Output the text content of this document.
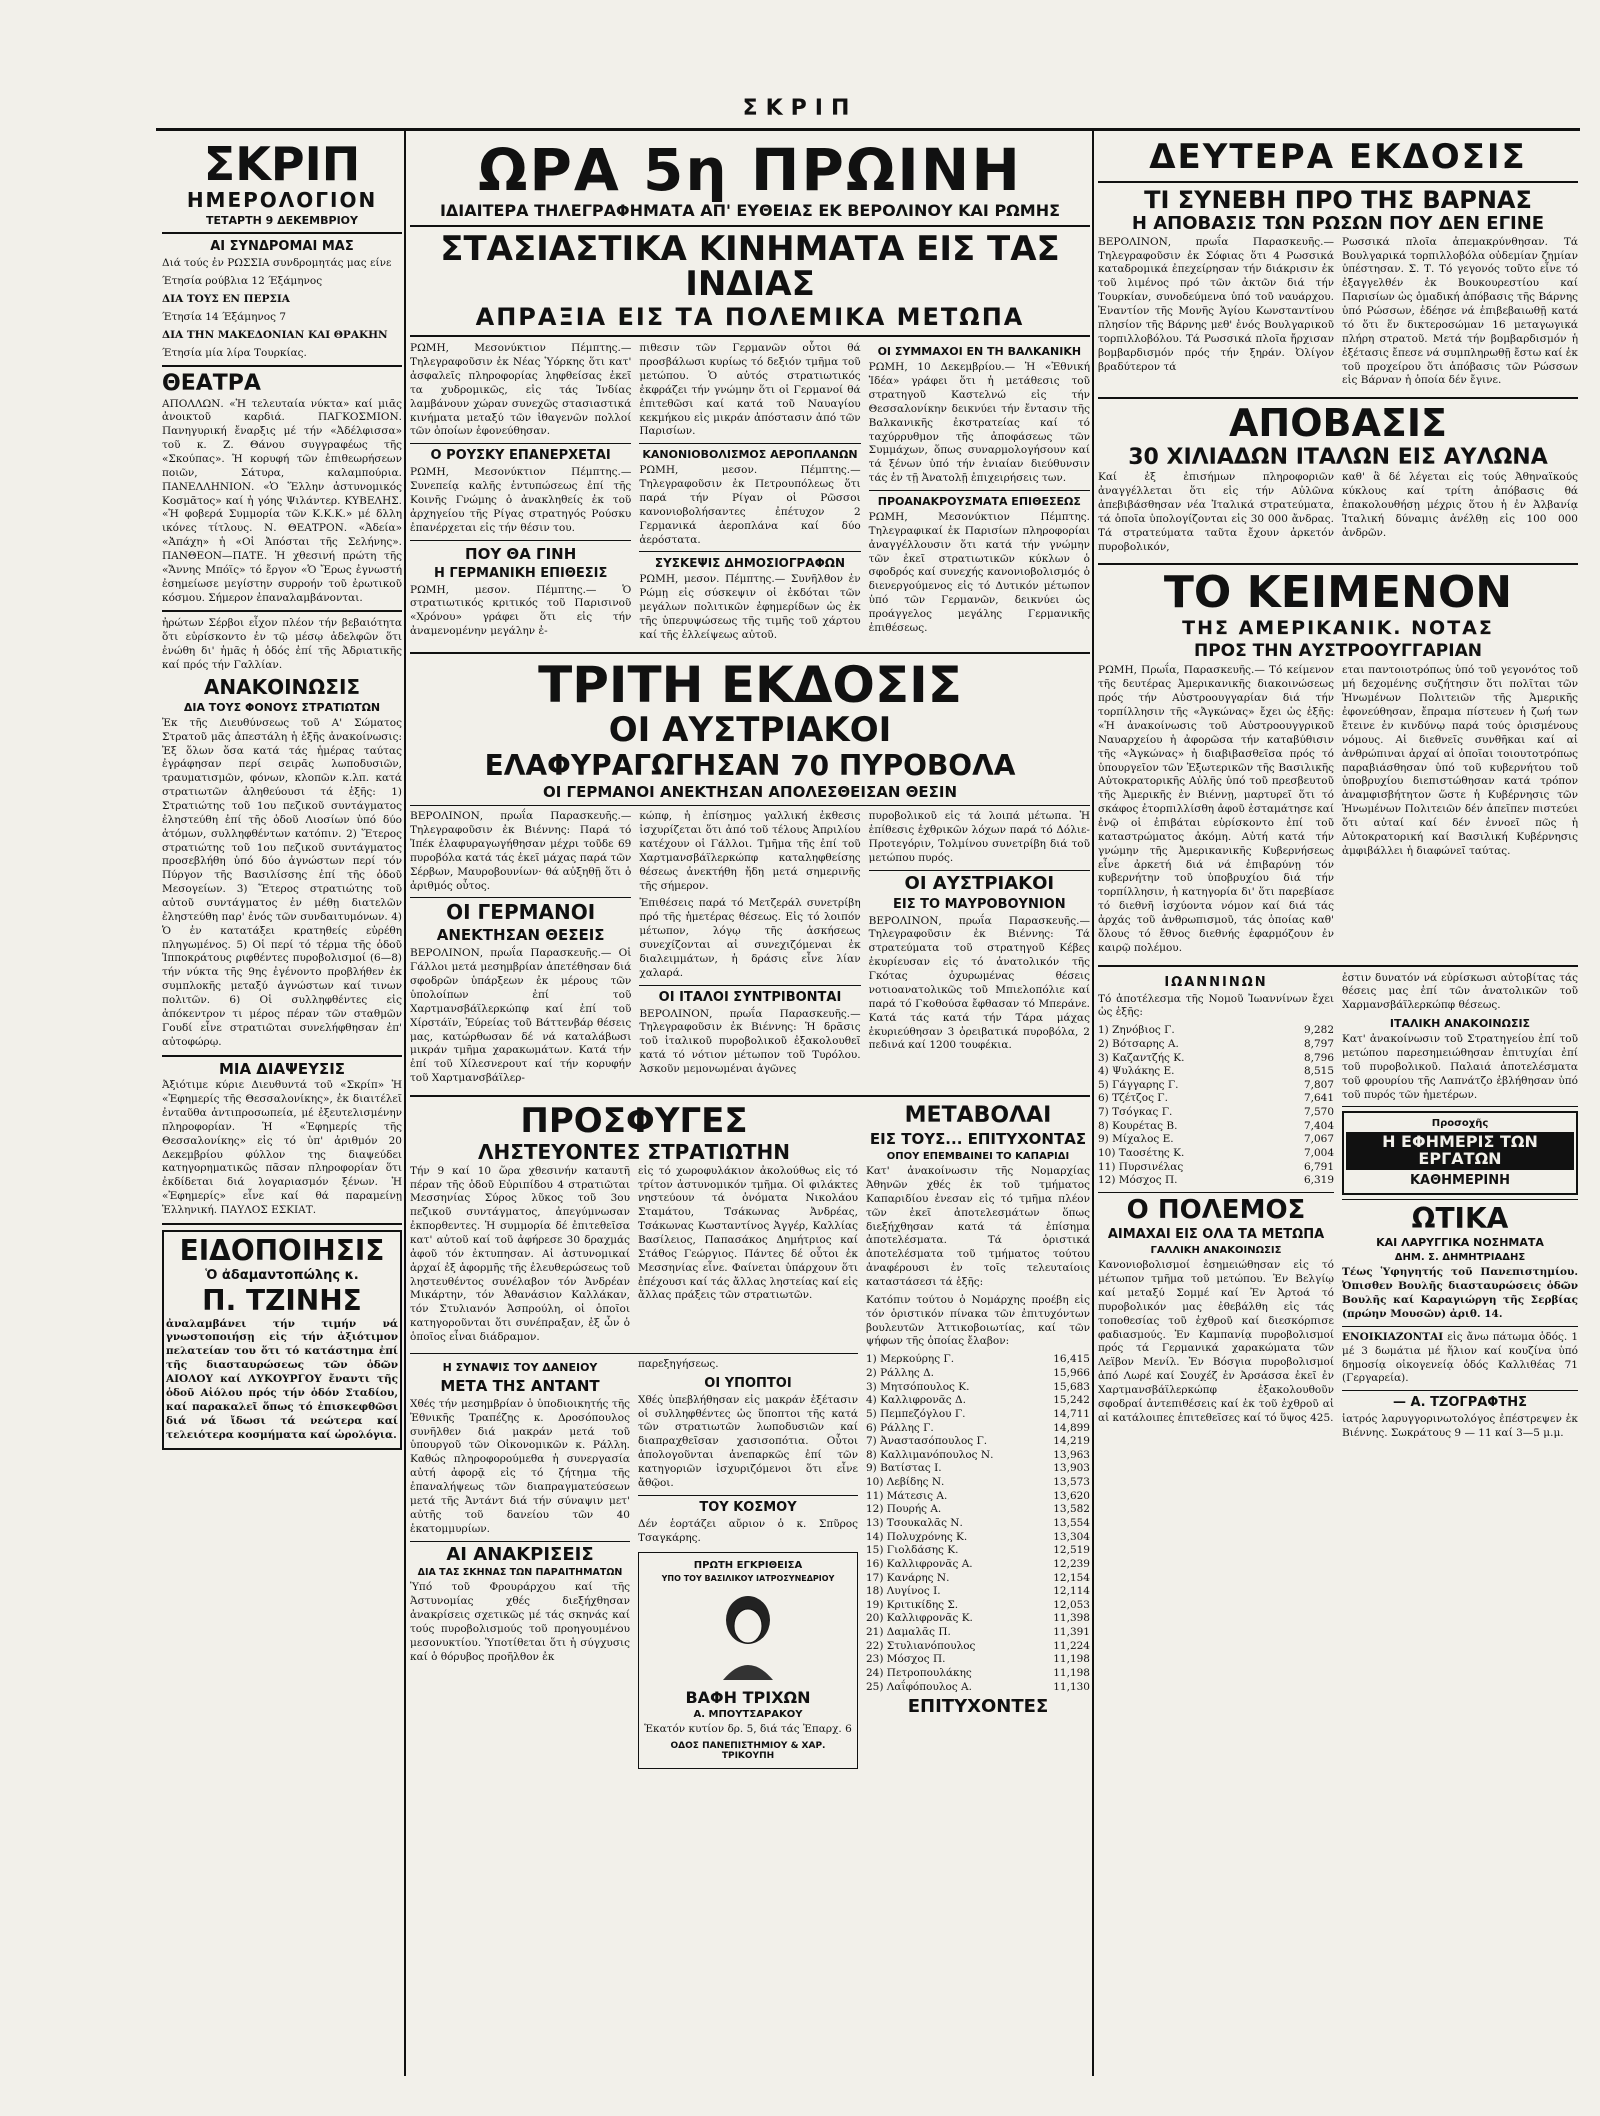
ΣΚΡΙΠ
ΣΚΡΙΠ
ΗΜΕΡΟΛΟΓΙΟΝ
ΤΕΤΑΡΤΗ 9 ΔΕΚΕΜΒΡΙΟΥ
ΑΙ ΣΥΝΔΡΟΜΑΙ ΜΑΣ
Διά τούς ἐν ΡΩΣΣΙΑ συνδρομητάς μας είνε
Έτησία ρούβλια 12 Έξάμηνος
ΔΙΑ ΤΟΥΣ ΕΝ ΠΕΡΣΙΑ
Έτησία 14 Έξάμηνος 7
ΔΙΑ ΤΗΝ ΜΑΚΕΔΟΝΙΑΝ ΚΑΙ ΘΡΑΚΗΝ
Έτησία μία λίρα Τουρκίας.
ΘΕΑΤΡΑ
ΑΠΟΛΛΩΝ. «Ἡ τελευταία νύκτα» καί μιᾶς ἀνοικτοῦ καρδιά. ΠΑΓΚΟΣΜΙΟΝ. Πανηγυρική ἔναρξις μέ τήν «Ἀδέλφισσα» τοῦ κ. Ζ. Θάνου συγγραφέως τῆς «Σκούπας». Ἡ κορυφή τῶν ἐπιθεωρήσεων ποιῶν, Σάτυρα, καλαμπούρια. ΠΑΝΕΛΛΗΝΙΟΝ. «Ὁ Ἕλλην ἀστυνομικός Κοσμᾶτος» καί ἡ γόης Ψιλάντερ. ΚΥΒΕΛΗΣ. «Ἡ φοβερά Συμμορία τῶν Κ.Κ.Κ.» μέ δλλη ικόνες τίτλους. Ν. ΘΕΑΤΡΟΝ. «Ἀδεία» «Ἀπάχη» ἡ «Οἱ Ἀπόσται τῆς Σελήνης». ΠΑΝΘΕΟΝ—ΠΑΤΕ. Ἡ χθεσινή πρώτη τῆς «Ἄννης Μπόϊς» τό ἔργον «Ὁ Ἔρως ἐγνωστή ἐσημείωσε μεγίστην συρροήν τοῦ ἐρωτικοῦ κόσμου. Σήμερον ἐπαναλαμβάνονται.
ἠρώτων Σέρβοι εἶχον πλέον τήν βεβαιότητα ὅτι εὑρίσκοντο ἐν τῷ μέσῳ ἀδελφῶν ὅτι ἐνώθη δι' ἡμᾶς ἡ ὁδός ἐπί τῆς Ἀδριατικῆς καί πρός τήν Γαλλίαν.
ΑΝΑΚΟΙΝΩΣΙΣ
ΔΙΑ ΤΟΥΣ ΦΟΝΟΥΣ ΣΤΡΑΤΙΩΤΩΝ
Ἐκ τῆς Διευθύνσεως τοῦ Α' Σώματος Στρατοῦ μᾶς ἀπεστάλη ἡ ἑξῆς ἀνακοίνωσις: Ἐξ ὅλων ὅσα κατά τάς ἡμέρας ταύτας ἐγράφησαν περί σειρᾶς λωποδυσιῶν, τραυματισμῶν, φόνων, κλοπῶν κ.λπ. κατά στρατιωτῶν ἀληθεύουσι τά ἑξῆς: 1) Στρατιώτης τοῦ 1ου πεζικοῦ συντάγματος ἐληστεύθη ἐπί τῆς ὁδοῦ Λιοσίων ὑπό δύο ἀτόμων, συλληφθέντων κατόπιν. 2) Ἕτερος στρατιώτης τοῦ 1ου πεζικοῦ συντάγματος προσεβλήθη ὑπό δύο ἀγνώστων περί τόν Πύργον τῆς Βασιλίσσης ἐπί τῆς ὁδοῦ Μεσογείων. 3) Ἕτερος στρατιώτης τοῦ αὐτοῦ συντάγματος ἐν μέθῃ διατελῶν ἐληστεύθη παρ' ἐνός τῶν συνδαιτυμόνων. 4) Ὁ ἐν κατατάξει κρατηθείς εὐρέθη πληγωμένος. 5) Οἱ περί τό τέρμα τῆς ὁδοῦ Ἱπποκράτους ριφθέντες πυροβολισμοί (6—8) τήν νύκτα τῆς 9ης ἐγένοντο προβλήθεν ἐκ συμπλοκῆς μεταξύ ἀγνώστων καί τινων πολιτῶν. 6) Οἱ συλληφθέντες εἰς ἀπόκεντρον τι μέρος πέραν τῶν σταθμῶν Γουδί εἶνε στρατιῶται συνελήφθησαν ἐπ' αὐτοφώρῳ.
ΜΙΑ ΔΙΑΨΕΥΣΙΣ
Ἀξιότιμε κύριε Διευθυντά τοῦ «Σκρίπ» Ἡ «Ἐφημερίς τῆς Θεσσαλονίκης», ἐκ διαιτέλεῖ ἐνταῦθα ἀντιπροσωπεία, μέ ἐξευτελισμένην πληροφορίαν. Ἡ «Ἐφημερίς τῆς Θεσσαλονίκης» εἰς τό ὑπ' ἀριθμόν 20 Δεκεμβρίου φύλλον της διαψεύδει κατηγορηματικῶς πᾶσαν πληροφορίαν ὅτι ἐκδίδεται διά λογαριασμόν ξένων. Ἡ «Ἐφημερίς» εἶνε καί θά παραμείνῃ Ἑλληνική. ΠΑΥΛΟΣ ΕΣΚΙΑΤ.
ΕΙΔΟΠΟΙΗΣΙΣ
Ὁ ἀδαμαντοπώλης κ.
Π. ΤΖΙΝΗΣ
ἀναλαμβάνει τήν τιμήν νά γνωστοποιήσῃ εἰς τήν ἀξιότιμον πελατείαν του ὅτι τό κατάστημα ἐπί τῆς διασταυρώσεως τῶν ὁδῶν ΑΙΟΛΟΥ καί ΛΥΚΟΥΡΓΟΥ ἔναντι τῆς ὁδοῦ Αἰόλου πρός τήν ὁδόν Σταδίου, καί παρακαλεῖ ὅπως τό ἐπισκεφθῶσι διά νά ἴδωσι τά νεώτερα καί τελειότερα κοσμήματα καί ὡρολόγια.
ΩΡΑ 5η ΠΡΩΙΝΗ
ΙΔΙΑΙΤΕΡΑ ΤΗΛΕΓΡΑΦΗΜΑΤΑ ΑΠ' ΕΥΘΕΙΑΣ ΕΚ ΒΕΡΟΛΙΝΟΥ ΚΑΙ ΡΩΜΗΣ
ΣΤΑΣΙΑΣΤΙΚΑ ΚΙΝΗΜΑΤΑ ΕΙΣ ΤΑΣ ΙΝΔΙΑΣ
ΑΠΡΑΞΙΑ ΕΙΣ ΤΑ ΠΟΛΕΜΙΚΑ ΜΕΤΩΠΑ
ΡΩΜΗ, Μεσονύκτιον Πέμπτης.— Τηλεγραφοῦσιν ἐκ Νέας Ὑόρκης ὅτι κατ' ἀσφαλεῖς πληροφορίας ληφθείσας ἐκεῖ τα χυδρομικῶς, εἰς τάς Ἰνδίας λαμβάνουν χώραν συνεχῶς στασιαστικά κινήματα μεταξύ τῶν ἰθαγενῶν πολλοί τῶν ὁποίων ἐφονεύθησαν.
Ο ΡΟΥΣΚΥ ΕΠΑΝΕΡΧΕΤΑΙ
ΡΩΜΗ, Μεσονύκτιον Πέμπτης.— Συνεπείᾳ καλῆς ἐντυπώσεως ἐπί τῆς Κοινῆς Γνώμης ὁ ἀνακληθείς ἐκ τοῦ ἀρχηγείου τῆς Ρίγας στρατηγός Ρούσκυ ἐπανέρχεται εἰς τήν θέσιν του.
ΠΟΥ ΘΑ ΓΙΝΗ
Η ΓΕΡΜΑΝΙΚΗ ΕΠΙΘΕΣΙΣ
ΡΩΜΗ, μεσον. Πέμπτης.— Ὁ στρατιωτικός κριτικός τοῦ Παρισινοῦ «Χρόνου» γράφει ὅτι εἰς τήν ἀναμενομένην μεγάλην ἐ-
πιθεσιν τῶν Γερμανῶν οὗτοι θά προσβάλωσι κυρίως τό δεξιόν τμῆμα τοῦ μετώπου. Ὁ αὐτός στρατιωτικός ἐκφράζει τήν γνώμην ὅτι οἱ Γερμανοί θά ἐπιτεθῶσι καί κατά τοῦ Ναυαγίου κεκμήκου εἰς μικράν ἀπόστασιν ἀπό τῶν Παρισίων.
ΚΑΝΟΝΙΟΒΟΛΙΣΜΟΣ ΑΕΡΟΠΛΑΝΩΝ
ΡΩΜΗ, μεσον. Πέμπτης.— Τηλεγραφοῦσιν ἐκ Πετρουπόλεως ὅτι παρά τήν Ρίγαν οἱ Ρῶσσοι κανονιοβολήσαντες ἐπέτυχον 2 Γερμανικά ἀεροπλάνα καί δύο ἀερόστατα.
ΣΥΣΚΕΨΙΣ ΔΗΜΟΣΙΟΓΡΑΦΩΝ
ΡΩΜΗ, μεσον. Πέμπτης.— Συνῆλθον ἐν Ρώμῃ εἰς σύσκεψιν οἱ ἐκδόται τῶν μεγάλων πολιτικῶν ἐφημερίδων ὡς ἐκ τῆς ὑπερυψώσεως τῆς τιμῆς τοῦ χάρτου καί τῆς ἐλλείψεως αὐτοῦ.
ΟΙ ΣΥΜΜΑΧΟΙ ΕΝ ΤΗ ΒΑΛΚΑΝΙΚΗ
ΡΩΜΗ, 10 Δεκεμβρίου.— Ἡ «Ἐθνική Ἰδέα» γράφει ὅτι ἡ μετάθεσις τοῦ στρατηγοῦ Καστελνώ εἰς τήν Θεσσαλονίκην δεικνύει τήν ἔντασιν τῆς Βαλκανικῆς ἐκστρατείας καί τό ταχύρρυθμον τῆς ἀποφάσεως τῶν Συμμάχων, ὅπως συναρμολογήσουν καί τά ξένων ὑπό τήν ἑνιαίαν διεύθυνσιν τάς ἐν τῇ Ἀνατολῇ ἐπιχειρήσεις των.
ΠΡΟΑΝΑΚΡΟΥΣΜΑΤΑ ΕΠΙΘΕΣΕΩΣ
ΡΩΜΗ, Μεσονύκτιον Πέμπτης. Τηλεγραφικαί ἐκ Παρισίων πληροφορίαι ἀναγγέλλουσιν ὅτι κατά τήν γνώμην τῶν ἐκεῖ στρατιωτικῶν κύκλων ὁ σφοδρός καί συνεχής κανονιοβολισμός ὁ διενεργούμενος εἰς τό Δυτικόν μέτωπον ὑπό τῶν Γερμανῶν, δεικνύει ὡς προάγγελος μεγάλης Γερμανικῆς ἐπιθέσεως.
ΤΡΙΤΗ ΕΚΔΟΣΙΣ
ΟΙ ΑΥΣΤΡΙΑΚΟΙ
ΕΛΑΦΥΡΑΓΩΓΗΣΑΝ 70 ΠΥΡΟΒΟΛΑ
ΟΙ ΓΕΡΜΑΝΟΙ ΑΝΕΚΤΗΣΑΝ ΑΠΟΛΕΣΘΕΙΣΑΝ ΘΕΣΙΝ
ΒΕΡΟΛΙΝΟΝ, πρωΐα Παρασκευῆς.— Τηλεγραφοῦσιν ἐκ Βιέννης: Παρά τό Ἰπέκ ἐλαφυραγωγήθησαν μέχρι τοῦδε 69 πυροβόλα κατά τάς ἐκεῖ μάχας παρά τῶν Σέρβων, Μαυροβουνίων· θά αὐξηθῇ ὅτι ὁ ἀριθμός οὗτος.
ΟΙ ΓΕΡΜΑΝΟΙ
ΑΝΕΚΤΗΣΑΝ ΘΕΣΕΙΣ
ΒΕΡΟΛΙΝΟΝ, πρωΐα Παρασκευῆς.— Οἱ Γάλλοι μετά μεσημβρίαν ἀπετέθησαν διά σφοδρῶν ὑπάρξεων ἐκ μέρους τῶν ὑπολοίπων ἐπί τοῦ Χαρτμανσβάϊλερκώπφ καί ἐπί τοῦ Χίρστάϊν, Ἐύρείας τοῦ Βάττενβάρ θέσεις μας, κατώρθωσαν δέ νά καταλάβωσι μικράν τμῆμα χαρακωμάτων. Κατά τήν ἐπί τοῦ Χίλεσνερουτ καί τήν κορυφήν τοῦ Χαρτμανσβάϊλερ-
κώπφ, ἡ ἐπίσημος γαλλική ἐκθεσις ἰσχυρίζεται ὅτι ἀπό τοῦ τέλους Ἀπριλίου κατέχουν οἱ Γάλλοι. Τμῆμα τῆς ἐπί τοῦ Χαρτμανσβάϊλερκώπφ καταληφθείσης θέσεως ἀνεκτήθη ἤδη μετά σημερινῆς τῆς σήμερον.
Ἐπιθέσεις παρά τό Μετζεράλ συνετρίβη πρό τῆς ἡμετέρας θέσεως. Εἰς τό λοιπόν μέτωπον, λόγῳ τῆς ἀσκήσεως συνεχίζονται αἱ συνεχιζόμεναι ἐκ διαλειμμάτων, ἡ δράσις εἶνε λίαν χαλαρά.
ΟΙ ΙΤΑΛΟΙ ΣΥΝΤΡΙΒΟΝΤΑΙ
ΒΕΡΟΛΙΝΟΝ, πρωΐα Παρασκευῆς.— Τηλεγραφοῦσιν ἐκ Βιέννης: Ἡ δρᾶσις τοῦ ἰταλικοῦ πυροβολικοῦ ἐξακολουθεῖ κατά τό νότιον μέτωπον τοῦ Τυρόλου. Ἀσκοῦν μεμονωμέναι ἀγῶνες
πυροβολικοῦ εἰς τά λοιπά μέτωπα. Ἡ ἐπίθεσις ἐχθρικῶν λόχων παρά τό Δόλιε-Προτεγόριν, Τολμίνου συνετρίβη διά τοῦ μετώπου πυρός.
ΟΙ ΑΥΣΤΡΙΑΚΟΙ
ΕΙΣ ΤΟ ΜΑΥΡΟΒΟΥΝΙΟΝ
ΒΕΡΟΛΙΝΟΝ, πρωΐα Παρασκευῆς.— Τηλεγραφοῦσιν ἐκ Βιέννης: Τά στρατεύματα τοῦ στρατηγοῦ Κέβες ἐκυρίευσαν εἰς τό ἀνατολικόν τῆς Γκότας ὀχυρωμένας θέσεις νοτιοανατολικῶς τοῦ Μπιελοπόλιε καί παρά τό Γκοθούσα ἔφθασαν τό Μπεράνε. Κατά τάς κατά τήν Τάρα μάχας ἐκυριεύθησαν 3 ὀρειβατικά πυροβόλα, 2 πεδινά καί 1200 τουφέκια.
ΠΡΟΣΦΥΓΕΣ
ΛΗΣΤΕΥΟΝΤΕΣ ΣΤΡΑΤΙΩΤΗΝ
Τήν 9 καί 10 ὥρα χθεσινήν καταυτῆ πέραν τῆς ὁδοῦ Εὐριπίδου 4 στρατιῶται Μεσσηνίας Σύρος λῦκος τοῦ 3ου πεζικοῦ συντάγματος, ἀπεγύμνωσαν ἐκπορθεντες. Ἡ συμμορία δέ ἐπιτεθεῖσα κατ' αὐτοῦ καί τοῦ ἀφήρεσε 30 δραχμάς ἀφοῦ τόν ἐκτυπησαν. Αἱ ἀστυνομικαί ἀρχαί ἐξ ἀφορμῆς τῆς ἐλευθερώσεως τοῦ ληστευθέντος συνέλαβον τόν Ἀνδρέαν Μικάρτην, τόν Ἀθανάσιον Καλλάκαν, τόν Στυλιανόν Ἀσπρούλη, οἱ ὁποῖοι κατηγοροῦνται ὅτι συνέπραξαν, ἐξ ὧν ὁ ὁποῖος εἶναι διάδραμον.
εἰς τό χωροφυλάκιον ἀκολούθως εἰς τό τρίτον ἀστυνομικόν τμῆμα. Οἱ φιλάκτες νηστεύουν τά ὀνόματα Νικολάου Σταμάτου, Τσάκωνας Ἀνδρέας, Τσάκωνας Κωσταντίνος Ἀγγέρ, Καλλίας Βασίλειος, Παπασάκος Δημήτριος καί Στάθος Γεώργιος. Πάντες δέ οὗτοι ἐκ Μεσσηνίας εἶνε. Φαίνεται ὑπάρχουν ὅτι ἐπέχουσι καί τάς ἄλλας ληστείας καί εἰς ἄλλας πράξεις τῶν στρατιωτῶν.
Η ΣΥΝΑΨΙΣ ΤΟΥ ΔΑΝΕΙΟΥ
ΜΕΤΑ ΤΗΣ ΑΝΤΑΝΤ
Χθές τήν μεσημβρίαν ὁ ὑποδιοικητής τῆς Ἐθνικῆς Τραπέζης κ. Δροσόπουλος συνῆλθεν διά μακράν μετά τοῦ ὑπουργοῦ τῶν Οἰκονομικῶν κ. Ράλλη. Καθώς πληροφορούμεθα ἡ συνεργασία αὐτή ἀφορᾷ εἰς τό ζήτημα τῆς ἐπαναλήψεως τῶν διαπραγματεύσεων μετά τῆς Ἀντάντ διά τήν σύναψιν μετ' αὐτῆς τοῦ δανείου τῶν 40 ἑκατομμυρίων.
ΑΙ ΑΝΑΚΡΙΣΕΙΣ
ΔΙΑ ΤΑΣ ΣΚΗΝΑΣ ΤΩΝ ΠΑΡΑΙΤΗΜΑΤΩΝ
Ὑπό τοῦ Φρουράρχου καί τῆς Ἀστυνομίας χθές διεξήχθησαν ἀνακρίσεις σχετικῶς μέ τάς σκηνάς καί τούς πυροβολισμούς τοῦ προηγουμένου μεσονυκτίου. Ὑποτίθεται ὅτι ἡ σύγχυσις καί ὁ θόρυβος προῆλθον ἐκ
παρεξηγήσεως.
ΟΙ ΥΠΟΠΤΟΙ
Χθές ὑπεβλήθησαν εἰς μακράν ἐξέτασιν οἱ συλληφθέντες ὡς ὕποπτοι τῆς κατά τῶν στρατιωτῶν λωποδυσιῶν καί διαπραχθεῖσαν χασισοπότια. Οὗτοι ἀπολογοῦνται ἀνεπαρκῶς ἐπί τῶν κατηγοριῶν ἰσχυριζόμενοι ὅτι εἶνε ἄθῷοι.
ΤΟΥ ΚΟΣΜΟΥ
Δέν ἑορτάζει αὔριον ὁ κ. Σπῦρος Τσαγκάρης.
ΠΡΩΤΗ ΕΓΚΡΙΘΕΙΣΑ
ΥΠΟ ΤΟΥ ΒΑΣΙΛΙΚΟΥ ΙΑΤΡΟΣΥΝΕΔΡΙΟΥ
ΒΑΦΗ ΤΡΙΧΩΝ
Α. ΜΠΟΥΤΣΑΡΑΚΟΥ
Ἑκατόν κυτίον δρ. 5, διά τάς Ἐπαρχ. 6
ΟΔΟΣ ΠΑΝΕΠΙΣΤΗΜΙΟΥ & ΧΑΡ. ΤΡΙΚΟΥΠΗ
ΜΕΤΑΒΟΛΑΙ
ΕΙΣ ΤΟΥΣ... ΕΠΙΤΥΧΟΝΤΑΣ
ΟΠΟΥ ΕΠΕΜΒΑΙΝΕΙ ΤΟ ΚΑΠΑΡΙΔΙ
Κατ' ἀνακοίνωσιν τῆς Νομαρχίας Ἀθηνῶν χθές ἐκ τοῦ τμήματος Καπαριδίου ἐνεσαν εἰς τό τμῆμα πλέον τῶν ἐκεῖ ἀποτελεσμάτων ὅπως διεξήχθησαν κατά τά ἐπίσημα ἀποτελέσματα. Τά ὁριστικά ἀποτελέσματα τοῦ τμήματος τούτου ἀναφέρουσι ἐν τοῖς τελευταίοις καταστάσεσι τά ἑξῆς:
Κατόπιν τούτου ὁ Νομάρχης προέβη εἰς τόν ὁριστικόν πίνακα τῶν ἐπιτυχόντων βουλευτῶν Ἀττικοβοιωτίας, καί τῶν ψήφων τῆς ὁποίας ἔλαβον:
1) Μερκούρης Γ.	16,415
2) Ράλλης Δ.	15,966
3) Μητσόπουλος Κ.	15,683
4) Καλλιφρονᾶς Δ.	15,242
5) Πεμπεζόγλου Γ.	14,711
6) Ράλλης Γ.	14,899
7) Ἀναστασόπουλος Γ.	14,219
8) Καλλιμανόπουλος Ν.	13,963
9) Βατίστας Ι.	13,903
10) Λεβίδης Ν.	13,573
11) Μάτεσις Α.	13,620
12) Πουρής Α.	13,582
13) Τσουκαλᾶς Ν.	13,554
14) Πολυχρόνης Κ.	13,304
15) Γιολδάσης Κ.	12,519
16) Καλλιφρονᾶς Α.	12,239
17) Κανάρης Ν.	12,154
18) Λυγίνος Ι.	12,114
19) Κριτικίδης Σ.	12,053
20) Καλλιφρονᾶς Κ.	11,398
21) Δαμαλᾶς Π.	11,391
22) Στυλιανόπουλος	11,224
23) Μόσχος Π.	11,198
24) Πετροπουλάκης	11,198
25) Λαΐφόπουλος Α.	11,130
ΕΠΙΤΥΧΟΝΤΕΣ
ΔΕΥΤΕΡΑ ΕΚΔΟΣΙΣ
ΤΙ ΣΥΝΕΒΗ ΠΡΟ ΤΗΣ ΒΑΡΝΑΣ
Η ΑΠΟΒΑΣΙΣ ΤΩΝ ΡΩΣΩΝ ΠΟΥ ΔΕΝ ΕΓΙΝΕ
ΒΕΡΟΛΙΝΟΝ, πρωΐα Παρασκευῆς.— Τηλεγραφοῦσιν ἐκ Σόφιας ὅτι 4 Ρωσσικά καταδρομικά ἐπεχείρησαν τήν διάκρισιν ἐκ τοῦ λιμένος πρό τῶν ἀκτῶν διά τήν Τουρκίαν, συνοδεύμενα ὑπό τοῦ ναυάρχου. Ἐναντίον τῆς Μονῆς Ἁγίου Κωνσταντίνου πλησίον τῆς Βάρνης μεθ' ἑνός Βουλγαρικοῦ τορπιλλοβόλου. Τά Ρωσσικά πλοῖα ἤρχισαν βομβαρδισμόν πρός τήν ξηράν. Ὀλίγον βραδύτερον τά
Ρωσσικά πλοῖα ἀπεμακρύνθησαν. Τά Βουλγαρικά τορπιλλοβόλα οὐδεμίαν ζημίαν ὑπέστησαν. Σ. Τ. Τό γεγονός τοῦτο εἶνε τό ἐξαγγελθέν ἐκ Βουκουρεστίου καί Παρισίων ὡς ὁμαδική ἀπόβασις τῆς Βάρνης ὑπό Ρώσσων, ἐδέησε νά ἐπιβεβαιωθῇ κατά τό ὅτι ἕν δικτεροσώμαν 16 μεταγωγικά πλήρη στρατοῦ. Μετά τήν βομβαρδισμόν ἡ ἐξέτασις ἔπεσε νά συμπληρωθῇ ἔστω καί ἐκ τοῦ προχείρου ὅτι ἀπόβασις τῶν Ρώσσων εἰς Βάρναν ἡ ὁποία δέν ἔγινε.
ΑΠΟΒΑΣΙΣ
30 ΧΙΛΙΑΔΩΝ ΙΤΑΛΩΝ ΕΙΣ ΑΥΛΩΝΑ
Καί ἐξ ἐπισήμων πληροφοριῶν ἀναγγέλλεται ὅτι εἰς τήν Αὐλῶνα ἀπεβιβάσθησαν νέα Ἰταλικά στρατεύματα, τά ὁποῖα ὑπολογίζονται εἰς 30 000 ἄνδρας. Τά στρατεύματα ταῦτα ἔχουν ἀρκετόν πυροβολικόν,
καθ' ἃ δέ λέγεται εἰς τούς Ἀθηναϊκούς κύκλους καί τρίτη ἀπόβασις θά ἐπακολουθήσῃ μέχρις ὅτου ἡ ἐν Ἀλβανίᾳ Ἰταλική δύναμις ἀνέλθῃ εἰς 100 000 ἀνδρῶν.
ΤΟ ΚΕΙΜΕΝΟΝ
ΤΗΣ ΑΜΕΡΙΚΑΝΙΚ. ΝΟΤΑΣ
ΠΡΟΣ ΤΗΝ ΑΥΣΤΡΟΟΥΓΓΑΡΙΑΝ
ΡΩΜΗ, Πρωΐα, Παρασκευῆς.— Τό κείμενον τῆς δευτέρας Ἀμερικανικῆς διακοινώσεως πρός τήν Αὐστροουγγαρίαν διά τήν τορπίλλησιν τῆς «Ἀγκώνας» ἔχει ὡς ἑξῆς: «Ἡ ἀνακοίνωσις τοῦ Αὐστροουγγρικοῦ Ναυαρχείου ἡ ἀφορῶσα τήν καταβύθισιν τῆς «Ἀγκώνας» ἡ διαβιβασθεῖσα πρός τό ὑπουργεῖον τῶν Ἐξωτερικῶν τῆς Βασιλικῆς Αὐτοκρατορικῆς Αὐλῆς ὑπό τοῦ πρεσβευτοῦ τῆς Ἀμερικῆς ἐν Βιέννῃ, μαρτυρεῖ ὅτι τό σκάφος ἐτορπιλλίσθη ἀφοῦ ἐσταμάτησε καί ἐνῷ οἱ ἐπιβάται εὑρίσκοντο ἐπί τοῦ καταστρώματος ἀκόμη. Αὐτή κατά τήν γνώμην τῆς Ἀμερικανικῆς Κυβερνήσεως εἶνε ἀρκετή διά νά ἐπιβαρύνῃ τόν κυβερνήτην τοῦ ὑποβρυχίου διά τήν τορπίλλησιν, ἡ κατηγορία δι' ὅτι παρεβίασε τό διεθνῆ ἰσχύοντα νόμον καί διά τάς ἀρχάς τοῦ ἀνθρωπισμοῦ, τάς ὁποίας καθ' ὅλους τό ἔθνος διεθνής ἐφαρμόζουν ἐν καιρῷ πολέμου.
εται παντοιοτρόπως ὑπό τοῦ γεγονότος τοῦ μή δεχομένης συζήτησιν ὅτι πολῖται τῶν Ἡνωμένων Πολιτειῶν τῆς Ἀμερικῆς ἐφονεύθησαν, ἔπραμα πίστευεν ἡ ζωή των ἔτεινε ἐν κινδύνῳ παρά τούς ὁρισμένους νόμους. Αἱ διεθνεῖς συνθῆκαι καί αἱ ἀνθρώπιναι ἀρχαί αἱ ὁποῖαι τοιουτοτρόπως παραβιάσθησαν ὑπό τοῦ κυβερνήτου τοῦ ὑποβρυχίου διεπιστώθησαν κατά τρόπον ἀναμφισβήτητον ὥστε ἡ Κυβέρνησις τῶν Ἡνωμένων Πολιτειῶν δέν ἀπεῖπεν πιστεύει ὅτι αὐταί καί δέν ἐννοεῖ πῶς ἡ Αὐτοκρατορική καί Βασιλική Κυβέρνησις ἀμφιβάλλει ἡ διαφώνεῖ ταύτας.
ΙΩΑΝΝΙΝΩΝ
Τό ἀποτέλεσμα τῆς Νομοῦ Ἰωαννίνων ἔχει ὡς ἑξῆς:
1) Ζηνόβιος Γ.	9,282
2) Βότσαρης Α.	8,797
3) Καζαντζής Κ.	8,796
4) Ψυλάκης Ε.	8,515
5) Γάγγαρης Γ.	7,807
6) Τζέτζος Γ.	7,641
7) Τσόγκας Γ.	7,570
8) Κουρέτας Β.	7,404
9) Μίχαλος Ε.	7,067
10) Ταοσέτης Κ.	7,004
11) Πυρσινέλας	6,791
12) Μόσχος Π.	6,319
Ο ΠΟΛΕΜΟΣ
ΑΙΜΑΧΑΙ ΕΙΣ ΟΛΑ ΤΑ ΜΕΤΩΠΑ
ΓΑΛΛΙΚΗ ΑΝΑΚΟΙΝΩΣΙΣ
Κανονιοβολισμοί ἐσημειώθησαν εἰς τό μέτωπον τμῆμα τοῦ μετώπου. Ἐν Βελγίῳ καί μεταξύ Σομμέ καί Ἐν Ἀρτοά τό πυροβολικόν μας ἐθεβάλθη εἰς τάς τοποθεσίας τοῦ ἐχθροῦ καί διεσκόρπισε φαδιασμούς. Ἐν Καμπανίᾳ πυροβολισμοί πρός τά Γερμανικά χαρακώματα τῶν Λεϊβον Μενίλ. Ἐν Βόσγια πυροβολισμοί ἀπό Λωρέ καί Σουχέζ ἐν Ἀρσάσσα ἐκεῖ ἐν Χαρτμανσβάϊλερκώπφ ἐξακολουθοῦν σφοδραί ἀντεπιθέσεις καί ἐκ τοῦ ἐχθροῦ αἱ αἱ κατάλοιπες ἐπιτεθεῖσες καί τό ὕψος 425.
ἐστιν δυνατόν νά εὑρίσκωσι αὐτοβίτας τάς θέσεις μας ἐπί τῶν ἀνατολικῶν τοῦ Χαρμανσβάϊλερκώπφ θέσεως.
ΙΤΑΛΙΚΗ ΑΝΑΚΟΙΝΩΣΙΣ
Κατ' ἀνακοίνωσιν τοῦ Στρατηγείου ἐπί τοῦ μετώπου παρεσημειώθησαν ἐπιτυχίαι ἐπί τοῦ πυροβολικοῦ. Παλαιά ἀποτελέσματα τοῦ φρουρίου τῆς Λαπνάτζο ἐβλήθησαν ὑπό τοῦ πυρός τῶν ἡμετέρων.
Προσοχῆς
Η ΕΦΗΜΕΡΙΣ ΤΩΝ ΕΡΓΑΤΩΝ
ΚΑΘΗΜΕΡΙΝΗ
ΩΤΙΚΑ
ΚΑΙ ΛΑΡΥΓΓΙΚΑ ΝΟΣΗΜΑΤΑ
ΔΗΜ. Σ. ΔΗΜΗΤΡΙΑΔΗΣ
Τέως Ὑφηγητής τοῦ Πανεπιστημίου. Ὀπισθεν Βουλῆς διασταυρώσεις ὁδῶν Βουλῆς καί Καραγιώργη τῆς Σερβίας (πρώην Μουσῶν) ἀριθ. 14.
ΕΝΟΙΚΙΑΖΟΝΤΑΙ εἰς ἄνω πάτωμα ὁδός. 1 μέ 3 δωμάτια μέ ἥλιον καί κουζίνα ὑπό δημοσίᾳ οἰκογενείᾳ ὁδός Καλλιθέας 71 (Γεργαρεία).
— Α. ΤΖΟΓΡΑΦΤΗΣ
ἰατρός λαρυγγορινωτολόγος ἐπέστρεψεν ἐκ Βιέννης. Σωκράτους 9 — 11 καί 3—5 μ.μ.
